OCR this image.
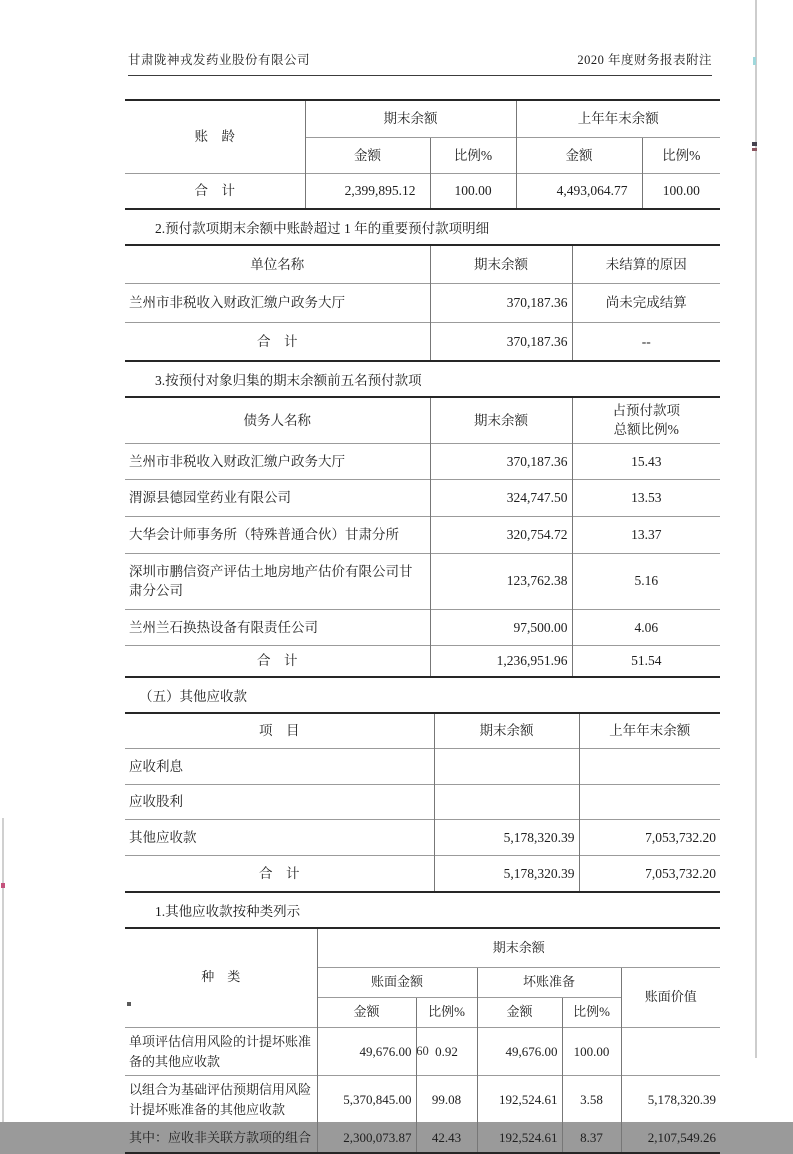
甘肃陇神戎发药业股份有限公司	2020 年度财务报表附注
账　龄	期末余额		上年年末余额	
	金额	比例%	金额	比例%
合　计	2,399,895.12	100.00	4,493,064.77	100.00
2.预付款项期末余额中账龄超过 1 年的重要预付款项明细
单位名称	期末余额	未结算的原因
兰州市非税收入财政汇缴户政务大厅	370,187.36	尚未完成结算
合　计	370,187.36	--
3.按预付对象归集的期末余额前五名预付款项
债务人名称	期末余额	占预付款项
总额比例%

兰州市非税收入财政汇缴户政务大厅	370,187.36	15.43
渭源县德园堂药业有限公司	324,747.50	13.53
大华会计师事务所（特殊普通合伙）甘肃分所	320,754.72	13.37
深圳市鹏信资产评估土地房地产估价有限公司甘肃分公司	123,762.38	5.16
兰州兰石换热设备有限责任公司	97,500.00	4.06
合　计	1,236,951.96	51.54
（五）其他应收款
项　目	期末余额	上年年末余额
应收利息		
应收股利		
其他应收款	5,178,320.39	7,053,732.20
合　计	5,178,320.39	7,053,732.20
1.其他应收款按种类列示
种　类	期末余额				
	账面金额		坏账准备		账面价值
	金额	比例%	金额	比例%	
单项评估信用风险的计提坏账准备的其他应收款	49,676.00	0.92	49,676.00	100.00	
以组合为基础评估预期信用风险计提坏账准备的其他应收款	5,370,845.00	99.08	192,524.61	3.58	5,178,320.39
其中：应收非关联方款项的组合	2,300,073.87	42.43	192,524.61	8.37	2,107,549.26
60
